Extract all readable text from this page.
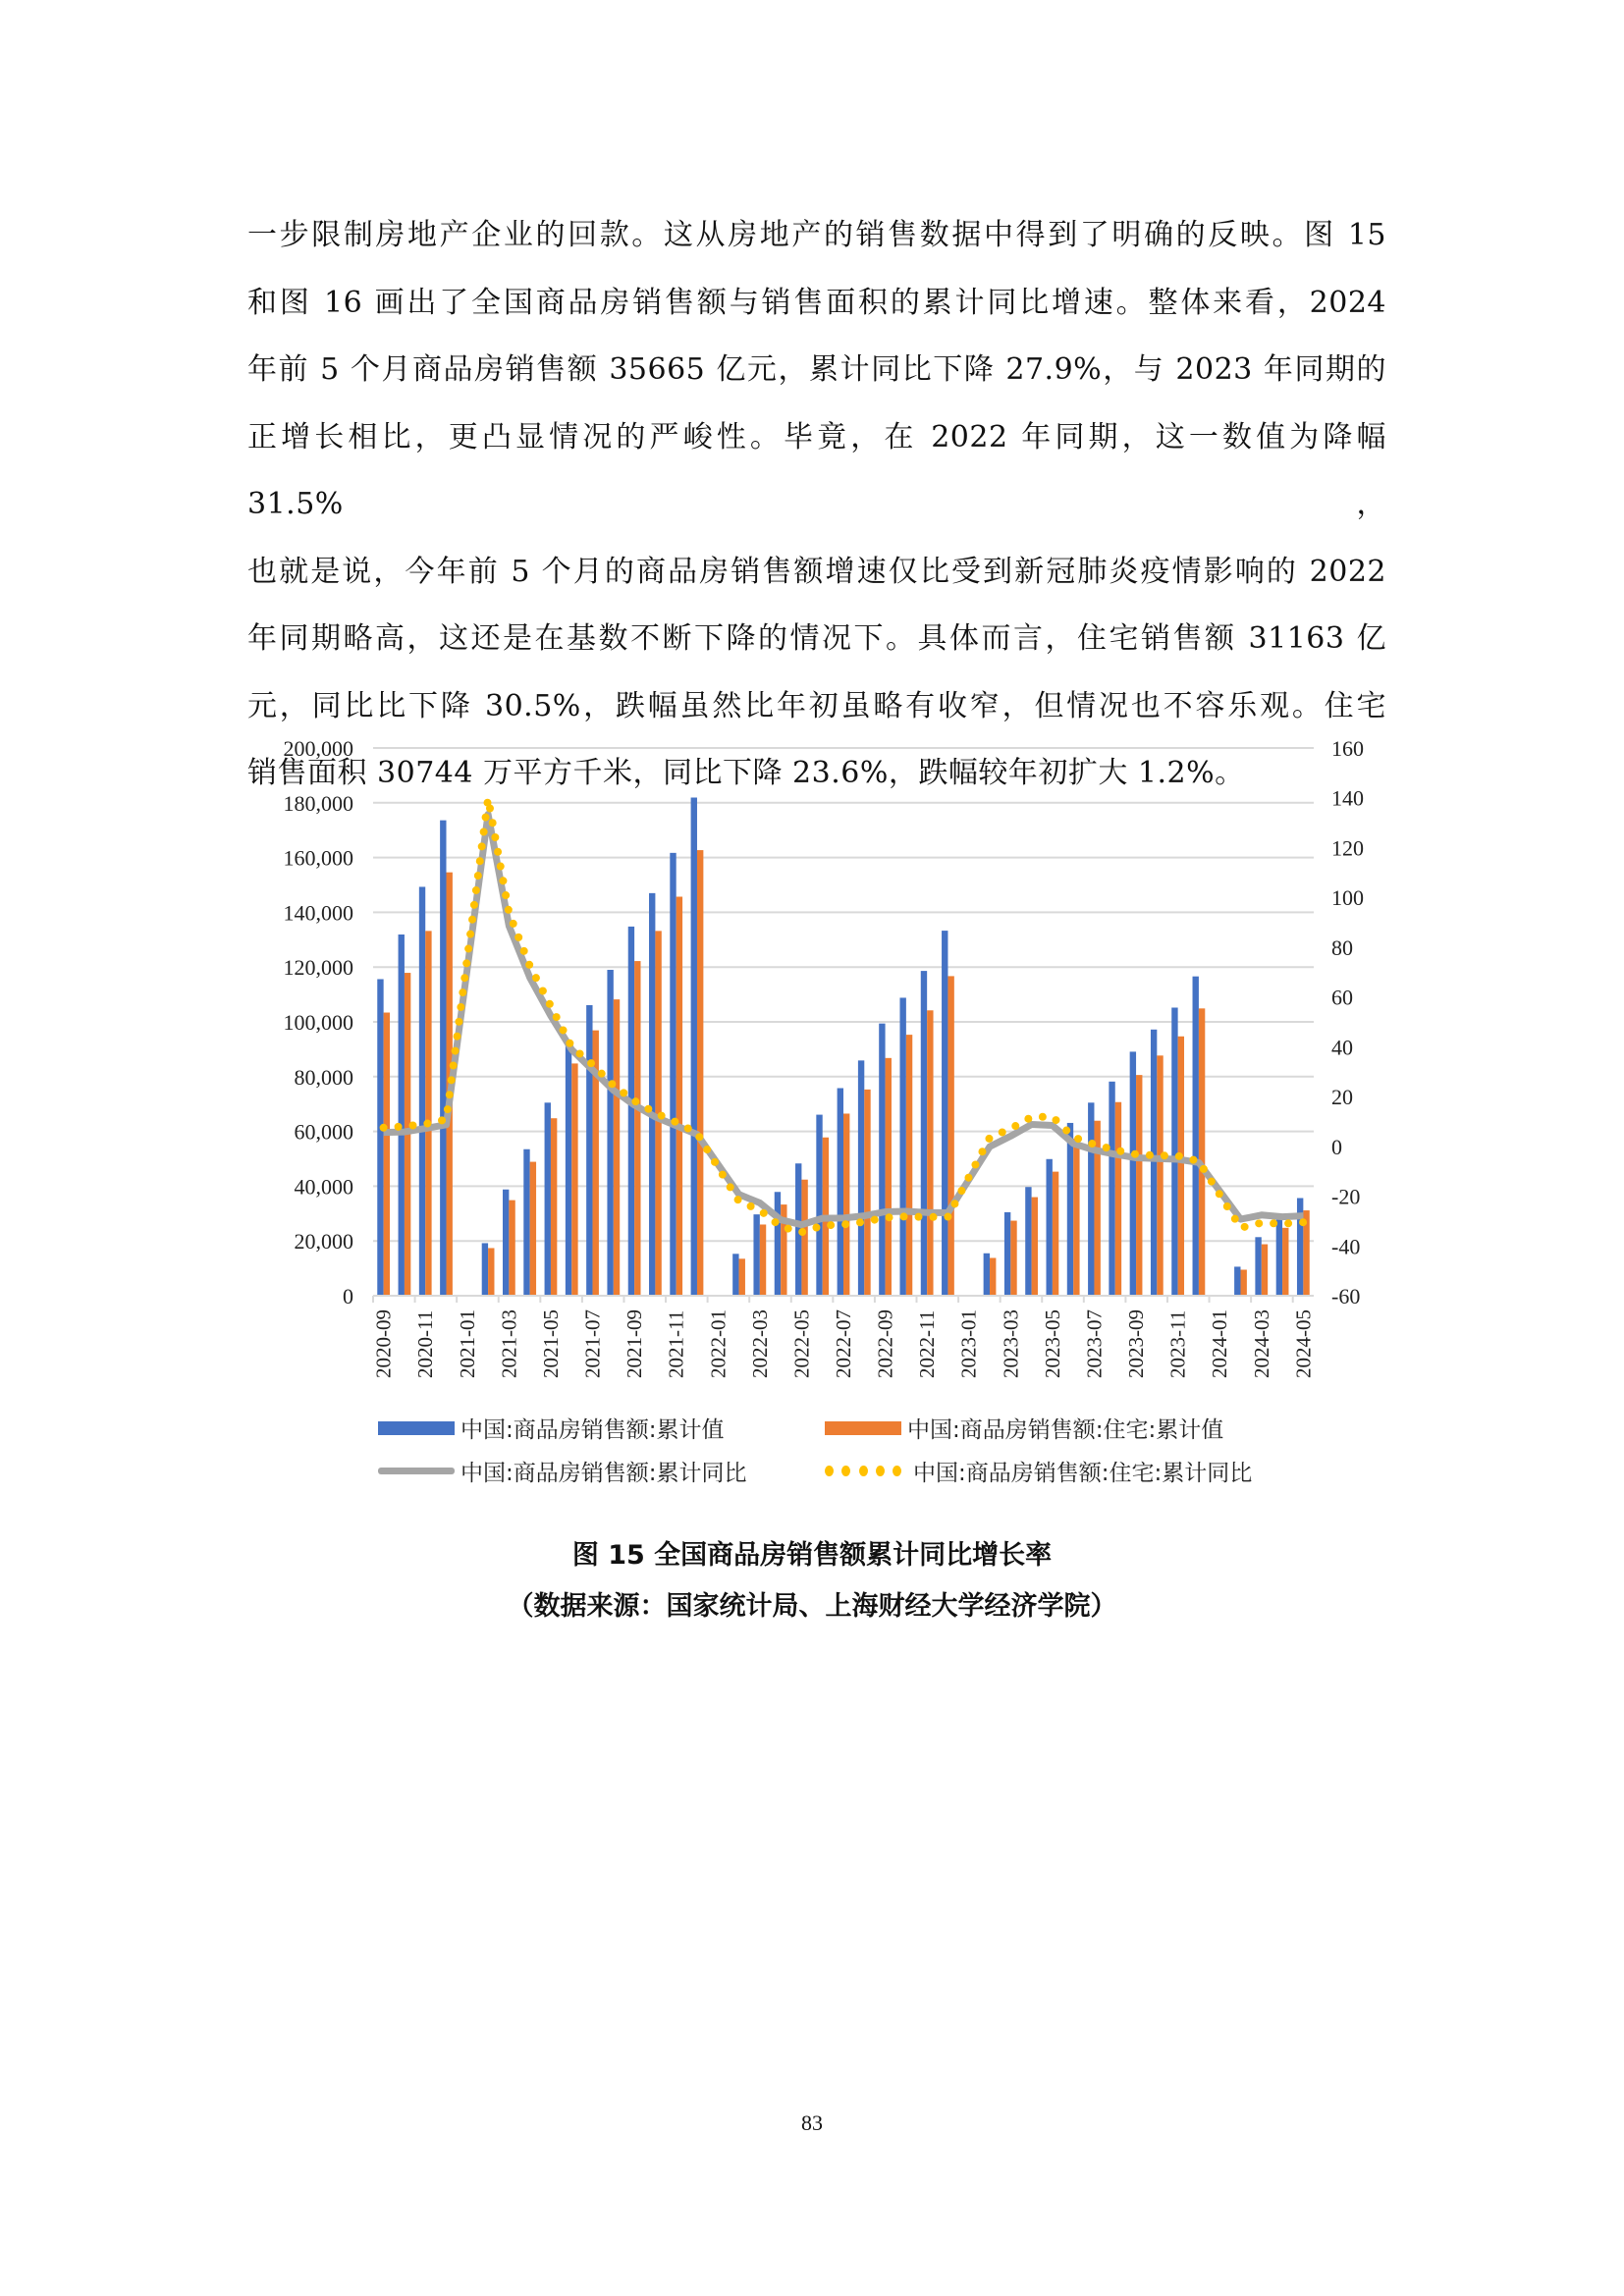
一步限制房地产企业的回款。这从房地产的销售数据中得到了明确的反映。图 15

和图 16 画出了全国商品房销售额与销售面积的累计同比增速。整体来看，2024

年前 5 个月商品房销售额 35665 亿元，累计同比下降 27.9%，与 2023 年同期的

正增长相比，更凸显情况的严峻性。毕竟，在 2022 年同期，这一数值为降幅 31.5%，

也就是说，今年前 5 个月的商品房销售额增速仅比受到新冠肺炎疫情影响的 2022

年同期略高，这还是在基数不断下降的情况下。具体而言，住宅销售额 31163 亿

元，同比比下降 30.5%，跌幅虽然比年初虽略有收窄，但情况也不容乐观。住宅

销售面积 30744 万平方千米，同比下降 23.6%，跌幅较年初扩大 1.2%。

200,000
180,000
160,000
140,000
120,000
100,000
80,000
60,000
40,000
20,000
0
160
140
120
100
80
60
40
20
0
-20
-40
-60
2020-09 2020-11 2021-01 2021-03 2021-05 2021-07 2021-09 2021-11 2022-01 2022-03 2022-05 2022-07 2022-09 2022-11 2023-01 2023-03 2023-05 2023-07 2023-09 2023-11 2024-01 2024-03 2024-05
中国:商品房销售额:累计值	中国:商品房销售额:住宅:累计值
中国:商品房销售额:累计同比	中国:商品房销售额:住宅:累计同比
图 15 全国商品房销售额累计同比增长率
（数据来源：国家统计局、上海财经大学经济学院）
83
